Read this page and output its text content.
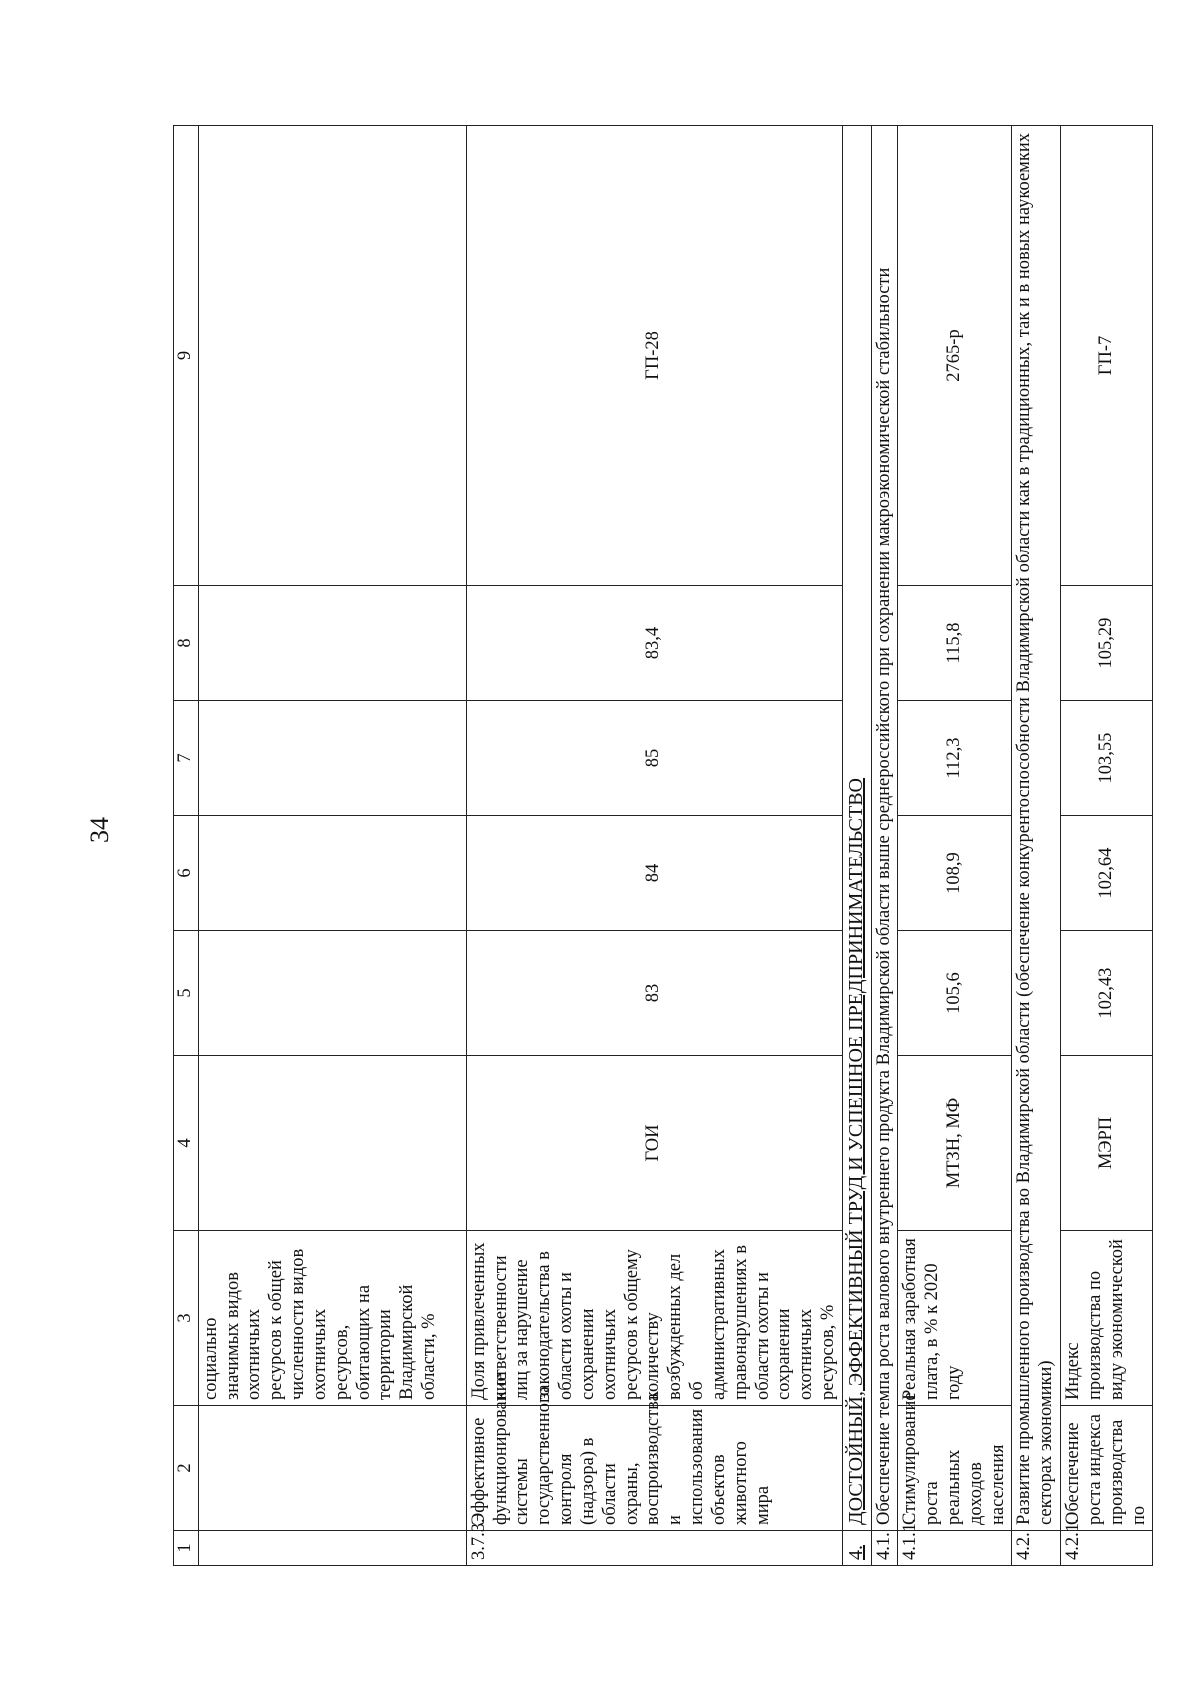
34
1	2	3	4	5	6	7	8	9
		социально значимых видов охотничьих ресурсов к общей численности видов охотничьих ресурсов, обитающих на территории Владимирской области, %						
3.7.3.	Эффективное функционирование системы государственного контроля (надзора) в области охраны, воспроизводства и использования объектов животного мира	Доля привлеченных к ответственности лиц за нарушение законодательства в области охоты и сохранении охотничьих ресурсов к общему количеству возбужденных дел об административных правонарушениях в области охоты и сохранении охотничьих ресурсов, %	ГОИ	83	84	85	83,4	ГП-28
4.	ДОСТОЙНЫЙ, ЭФФЕКТИВНЫЙ ТРУД И УСПЕШНОЕ ПРЕДПРИНИМАТЕЛЬСТВО							
4.1.	Обеспечение темпа роста валового внутреннего продукта Владимирской области выше среднероссийского при сохранении макроэкономической стабильности							
4.1.1.	Стимулирование роста реальных доходов населения	Реальная заработная плата, в % к 2020 году	МТЗН, МФ	105,6	108,9	112,3	115,8	2765-р
4.2.	Развитие промышленного производства во Владимирской области (обеспечение конкурентоспособности Владимирской области как в традиционных, так и в новых наукоемких секторах экономики)							
4.2.1.	Обеспечение роста индекса производства по	Индекс производства по виду экономической	МЭРП	102,43	102,64	103,55	105,29	ГП-7
